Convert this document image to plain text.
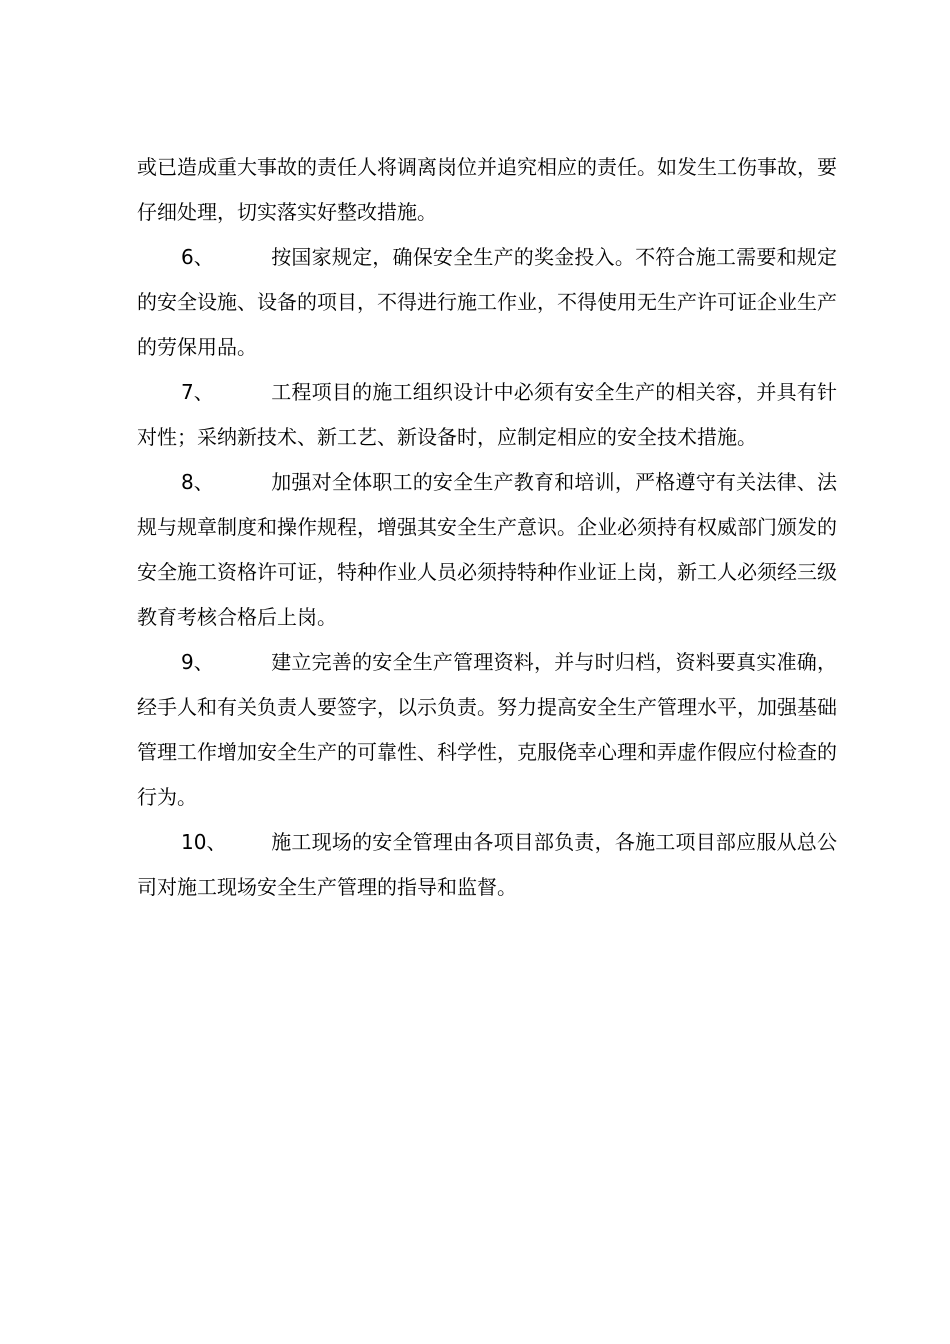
或已造成重大事故的责任人将调离岗位并追究相应的责任。如发生工伤事故，要仔细处理，切实落实好整改措施。

6、	按国家规定，确保安全生产的奖金投入。不符合施工需要和规定的安全设施、设备的项目，不得进行施工作业，不得使用无生产许可证企业生产的劳保用品。

7、	工程项目的施工组织设计中必须有安全生产的相关容，并具有针对性；采纳新技术、新工艺、新设备时，应制定相应的安全技术措施。

8、	加强对全体职工的安全生产教育和培训，严格遵守有关法律、法规与规章制度和操作规程，增强其安全生产意识。企业必须持有权威部门颁发的安全施工资格许可证，特种作业人员必须持特种作业证上岗，新工人必须经三级教育考核合格后上岗。

9、	建立完善的安全生产管理资料，并与时归档，资料要真实准确，经手人和有关负责人要签字，以示负责。努力提高安全生产管理水平，加强基础管理工作增加安全生产的可靠性、科学性，克服侥幸心理和弄虚作假应付检查的行为。

10、 施工现场的安全管理由各项目部负责，各施工项目部应服从总公司对施工现场安全生产管理的指导和监督。
